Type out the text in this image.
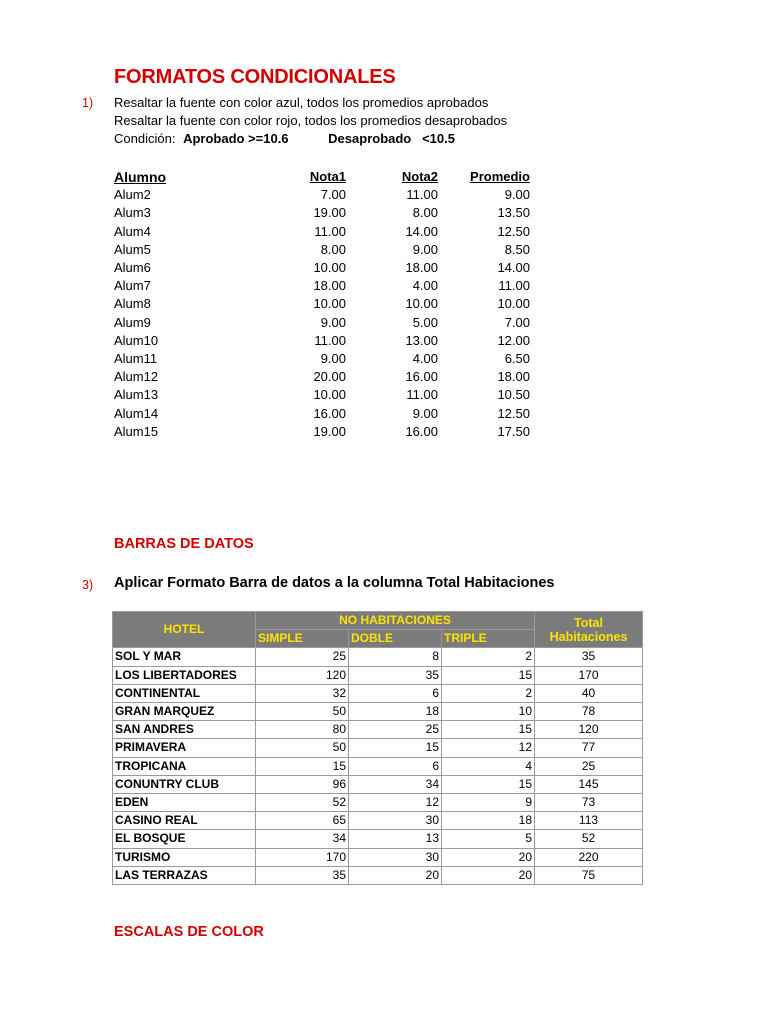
FORMATOS CONDICIONALES
1) Resaltar la fuente con color azul, todos los promedios aprobados
Resaltar la fuente con color rojo, todos los promedios desaprobados
Condición: Aprobado >=10.6	Desaprobado   <10.5
Alumno	Nota1	Nota2	Promedio
Alum2	7.00	11.00	9.00
Alum3	19.00	8.00	13.50
Alum4	11.00	14.00	12.50
Alum5	8.00	9.00	8.50
Alum6	10.00	18.00	14.00
Alum7	18.00	4.00	11.00
Alum8	10.00	10.00	10.00
Alum9	9.00	5.00	7.00
Alum10	11.00	13.00	12.00
Alum11	9.00	4.00	6.50
Alum12	20.00	16.00	18.00
Alum13	10.00	11.00	10.50
Alum14	16.00	9.00	12.50
Alum15	19.00	16.00	17.50
BARRAS DE DATOS
3) Aplicar Formato Barra de datos a la columna Total Habitaciones
HOTEL	NO HABITACIONES			Total
Habitaciones
	SIMPLE	DOBLE	TRIPLE	
SOL Y MAR	25	8	2	35
LOS LIBERTADORES	120	35	15	170
CONTINENTAL	32	6	2	40
GRAN MARQUEZ	50	18	10	78
SAN ANDRES	80	25	15	120
PRIMAVERA	50	15	12	77
TROPICANA	15	6	4	25
CONUNTRY CLUB	96	34	15	145
EDEN	52	12	9	73
CASINO REAL	65	30	18	113
EL BOSQUE	34	13	5	52
TURISMO	170	30	20	220
LAS TERRAZAS	35	20	20	75
ESCALAS DE COLOR
